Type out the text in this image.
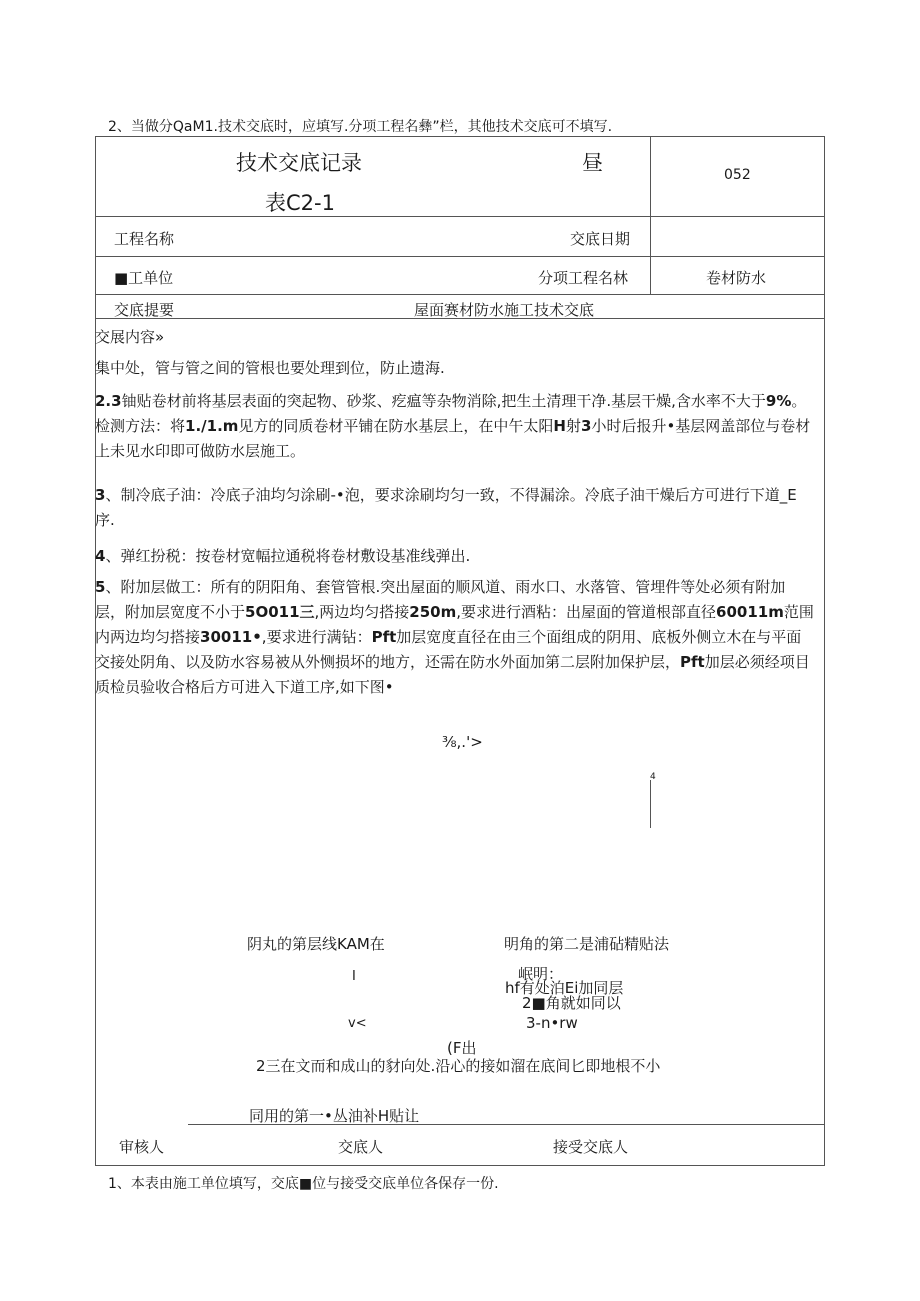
2、当做分QaM1.技术交底时，应填写.分项工程名彝”栏，其他技术交底可不填写.
技术交底记录	昼
表C2-1
052
工程名称	交底日期
■工单位	分项工程名林	卷材防水
交底提要	屋面赛材防水施工技术交底
交展内容»
集中处，管与管之间的管根也要处理到位，防止遗海.
2.3铀贴卷材前将基层表面的突起物、砂浆、疙瘟等杂物消除,把生土清理干净.基层干燥,含水率不大于9%。检测方法：将1./1.m见方的同质卷材平铺在防水基层上，在中午太阳H射3小时后报升•基层网盖部位与卷材上未见水印即可做防水层施工。
3、制冷底子油：冷底子油均匀涂刷-•泡，要求涂刷均匀一致，不得漏涂。冷底子油干燥后方可进行下道_E序.
4、弹红扮税：按卷材宽幅拉通税将卷材敷设基准线弹出.
5、附加层做工：所有的阴阳角、套管管根.突出屋面的顺风道、雨水口、水落管、管埋件等处必须有附加层，附加层宽度不小于5O011三,两边均匀搭接250m,要求进行酒粘：出屋面的管道根部直径60011m范围内两边均匀搭接30011•,要求进行满钻：Pft加层宽度直径在由三个面组成的阴用、底板外侧立木在与平面交接处阴角、以及防水容易被从外恻损坏的地方，还需在防水外面加第二层附加保护层，Pft加层必须经项目质检员验收合格后方可进入下道工序,如下图•
⅜,.'>
4
阴丸的第层线KAM在	明角的第二是浦砧精贴法
I	岷明：
hf有处泊Ei加同层
2■角就如同以
3-n•rw
v<
(F出
2三在文而和成山的豺向处.沿心的接如溜在底间匕即地根不小
同用的第一•丛油补H贴让
审核人	交底人	接受交底人
1、本表由施工单位填写，交底■位与接受交底单位各保存一份.
